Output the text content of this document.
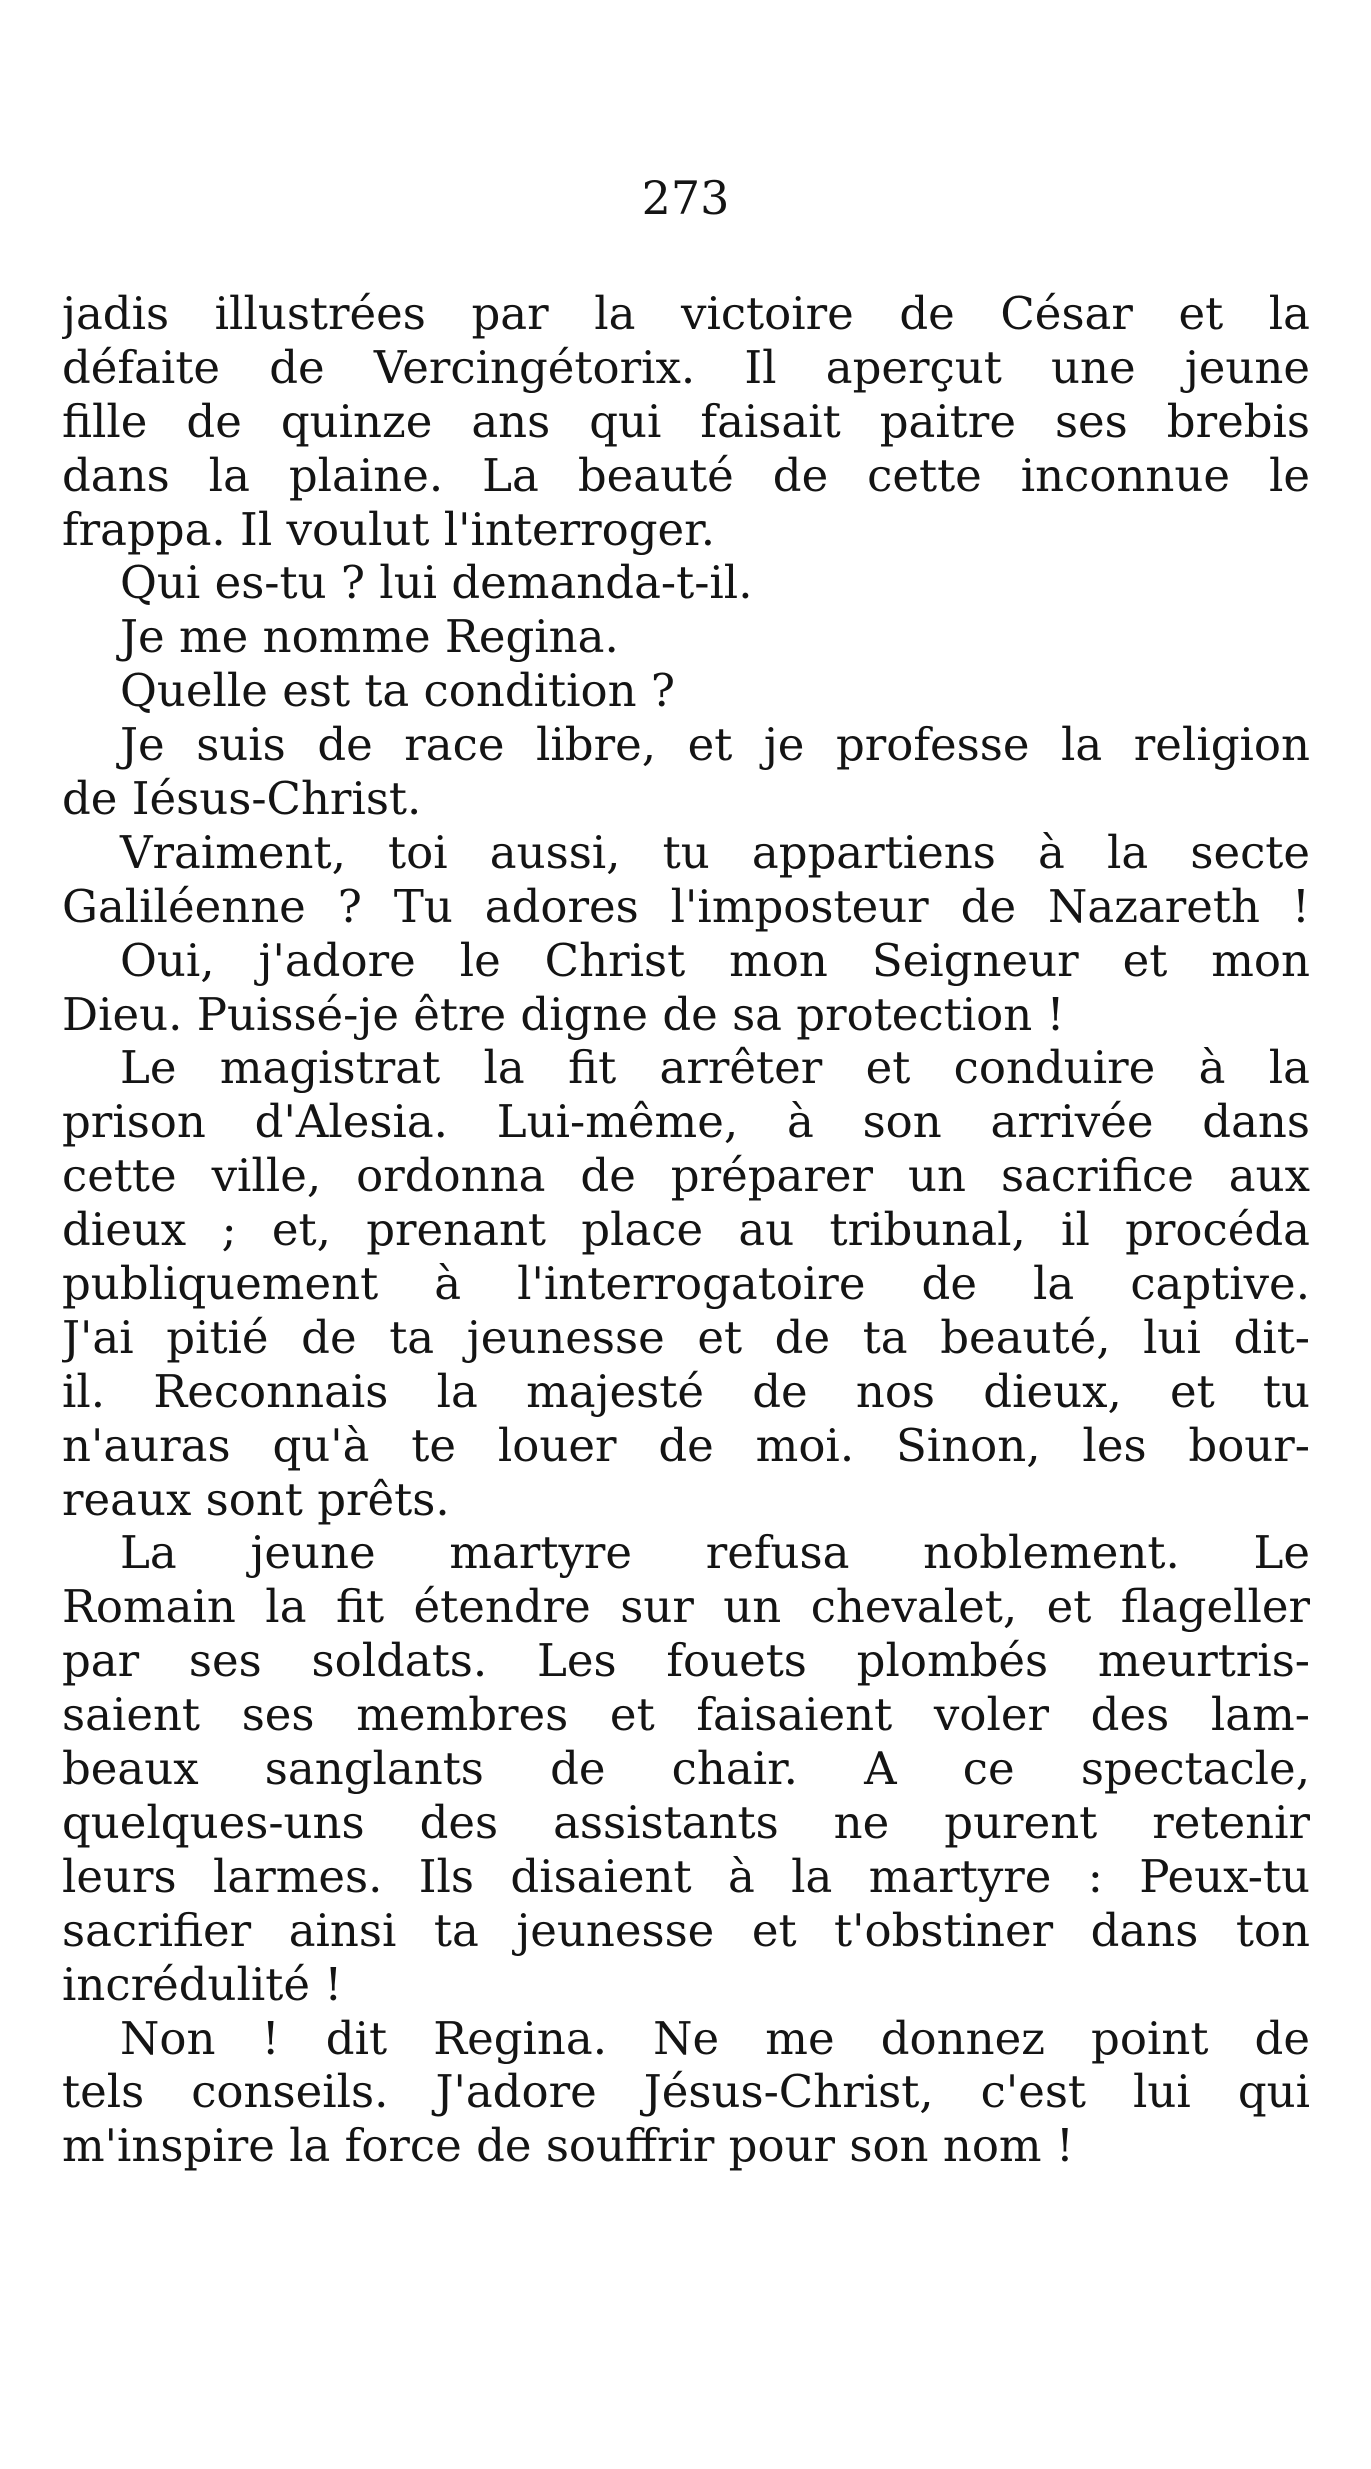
273
jadis illustrées par la victoire de César et la
défaite de Vercingétorix. Il aperçut une jeune
fille de quinze ans qui faisait paitre ses brebis
dans la plaine. La beauté de cette inconnue le
frappa. Il voulut l'interroger.
Qui es-tu ? lui demanda-t-il.
Je me nomme Regina.
Quelle est ta condition ?
Je suis de race libre, et je professe la religion
de Iésus-Christ.
Vraiment, toi aussi, tu appartiens à la secte
Galiléenne ? Tu adores l'imposteur de Nazareth !
Oui, j'adore le Christ mon Seigneur et mon
Dieu. Puissé-je être digne de sa protection !
Le magistrat la fit arrêter et conduire à la
prison d'Alesia. Lui-même, à son arrivée dans
cette ville, ordonna de préparer un sacrifice aux
dieux ; et, prenant place au tribunal, il procéda
publiquement à l'interrogatoire de la captive.
J'ai pitié de ta jeunesse et de ta beauté, lui dit-
il. Reconnais la majesté de nos dieux, et tu
n'auras qu'à te louer de moi. Sinon, les bour-
reaux sont prêts.
La jeune martyre refusa noblement. Le
Romain la fit étendre sur un chevalet, et flageller
par ses soldats. Les fouets plombés meurtris-
saient ses membres et faisaient voler des lam-
beaux sanglants de chair. A ce spectacle,
quelques-uns des assistants ne purent retenir
leurs larmes. Ils disaient à la martyre : Peux-tu
sacrifier ainsi ta jeunesse et t'obstiner dans ton
incrédulité !
Non ! dit Regina. Ne me donnez point de
tels conseils. J'adore Jésus-Christ, c'est lui qui
m'inspire la force de souffrir pour son nom !
